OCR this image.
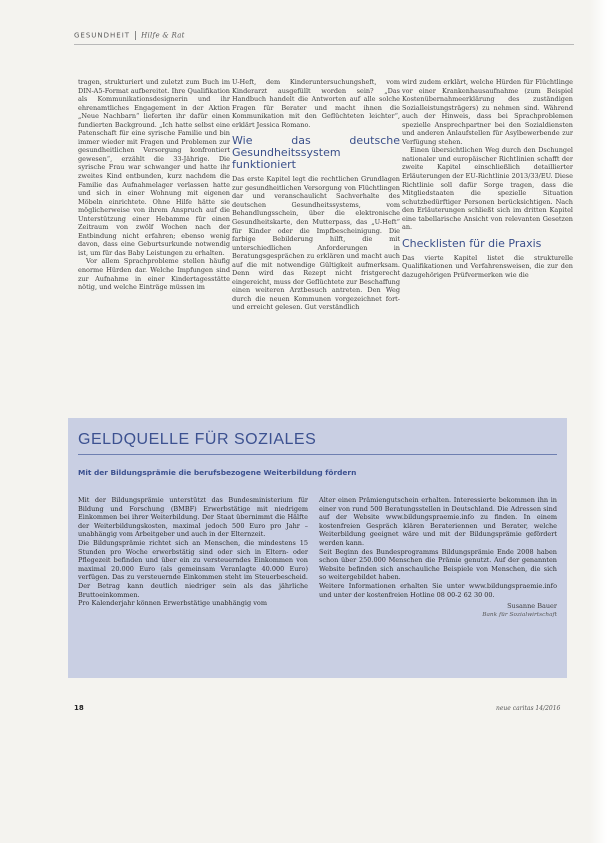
GESUNDHEIT Hilfe & Rat

tragen, strukturiert und zuletzt zum Buch im DIN-A5-Format aufbereitet. Ihre Qualifikation als Kommunikationsdesignerin und ihr ehrenamtliches Engagement in der Aktion „Neue Nachbarn“ lieferten ihr dafür einen fundierten Background. „Ich hatte selbst eine Patenschaft für eine syrische Familie und bin immer wieder mit Fragen und Problemen zur gesundheitlichen Versorgung konfrontiert gewesen“, erzählt die 33-Jährige. Die syrische Frau war schwanger und hatte ihr zweites Kind entbunden, kurz nachdem die Familie das Aufnahmelager verlassen hatte und sich in einer Wohnung mit eigenen Möbeln einrichtete. Ohne Hilfe hätte sie möglicherweise von ihrem Anspruch auf die Unterstützung einer Hebamme für einen Zeitraum von zwölf Wochen nach der Entbindung nicht erfahren; ebenso wenig davon, dass eine Geburtsurkunde notwendig ist, um für das Baby Leistungen zu erhalten.

Vor allem Sprachprobleme stellen häufig enorme Hürden dar. Welche Impfungen sind zur Aufnahme in einer Kindertagesstätte nötig, und welche Einträge müssen im

U-Heft, dem Kinderuntersuchungsheft, vom Kinderarzt ausgefüllt worden sein? „Das Handbuch handelt die Antworten auf alle solche Fragen für Berater und macht ihnen die Kommunikation mit den Geflüchteten leichter“, erklärt Jessica Romano.

Wie das deutsche Gesundheitssystem funktioniert

Das erste Kapitel legt die rechtlichen Grundlagen zur gesundheitlichen Versorgung von Flüchtlingen dar und veranschaulicht Sachverhalte des deutschen Gesundheitssystems, vom Behandlungsschein, über die elektronische Gesundheitskarte, den Mutterpass, das „U-Heft“ für Kinder oder die Impfbescheinigung. Die farbige Bebilderung hilft, die mit unterschiedlichen Anforderungen in Beratungsgesprächen zu erklären und macht auch auf die mit notwendige Gültigkeit aufmerksam. Denn wird das Rezept nicht fristgerecht eingereicht, muss der Geflüchtete zur Beschaffung einen weiteren Arztbesuch antreten. Den Weg durch die neuen Kommunen vorgezeichnet fort- und erreicht gelesen. Gut verständlich

wird zudem erklärt, welche Hürden für Flüchtlinge vor einer Krankenhausaufnahme (zum Beispiel Kostenübernahmeerklärung des zuständigen Sozialleistungsträgers) zu nehmen sind. Während auch der Hinweis, dass bei Sprachproblemen spezielle Ansprechpartner bei den Sozialdiensten und anderen Anlaufstellen für Asylbewerbende zur Verfügung stehen.

Einen übersichtlichen Weg durch den Dschungel nationaler und europäischer Richtlinien schafft der zweite Kapitel einschließlich detaillierter Erläuterungen der EU-Richtlinie 2013/33/EU. Diese Richtlinie soll dafür Sorge tragen, dass die Mitgliedstaaten die spezielle Situation schutzbedürftiger Personen berücksichtigen. Nach den Erläuterungen schließt sich im dritten Kapitel eine tabellarische Ansicht von relevanten Gesetzen an.

Checklisten für die Praxis

Das vierte Kapitel listet die strukturelle Qualifikationen und Verfahrensweisen, die zur den dazugehörigen Prüfvermerken wie die

GELDQUELLE FÜR SOZIALES
Mit der Bildungsprämie die berufsbezogene Weiterbildung fördern

Mit der Bildungsprämie unterstützt das Bundesministerium für Bildung und Forschung (BMBF) Erwerbstätige mit niedrigem Einkommen bei ihrer Weiterbildung. Der Staat übernimmt die Hälfte der Weiterbildungskosten, maximal jedoch 500 Euro pro Jahr – unabhängig vom Arbeitgeber und auch in der Elternzeit.

Die Bildungsprämie richtet sich an Menschen, die mindestens 15 Stunden pro Woche erwerbstätig sind oder sich in Eltern- oder Pflegezeit befinden und über ein zu versteuerndes Einkommen von maximal 20.000 Euro (als gemeinsam Veranlagte 40.000 Euro) verfügen. Das zu versteuernde Einkommen steht im Steuerbescheid. Der Betrag kann deutlich niedriger sein als das jährliche Bruttoeinkommen.

Pro Kalenderjahr können Erwerbstätige unabhängig vom

Alter einen Prämiengutschein erhalten. Interessierte bekommen ihn in einer von rund 500 Beratungsstellen in Deutschland. Die Adressen sind auf der Website www.bildungspraemie.info zu finden. In einem kostenfreien Gespräch klären Berateriennen und Berater, welche Weiterbildung geeignet wäre und mit der Bildungsprämie gefördert werden kann.

Seit Beginn des Bundesprogramms Bildungsprämie Ende 2008 haben schon über 250.000 Menschen die Prämie genutzt. Auf der genannten Website befinden sich anschauliche Beispiele von Menschen, die sich so weitergebildet haben.

Weitere Informationen erhalten Sie unter www.bildungspraemie.info und unter der kostenfreien Hotline 08 00-2 62 30 00.

Susanne Bauer
Bank für Sozialwirtschaft
18	neue caritas 14/2016
